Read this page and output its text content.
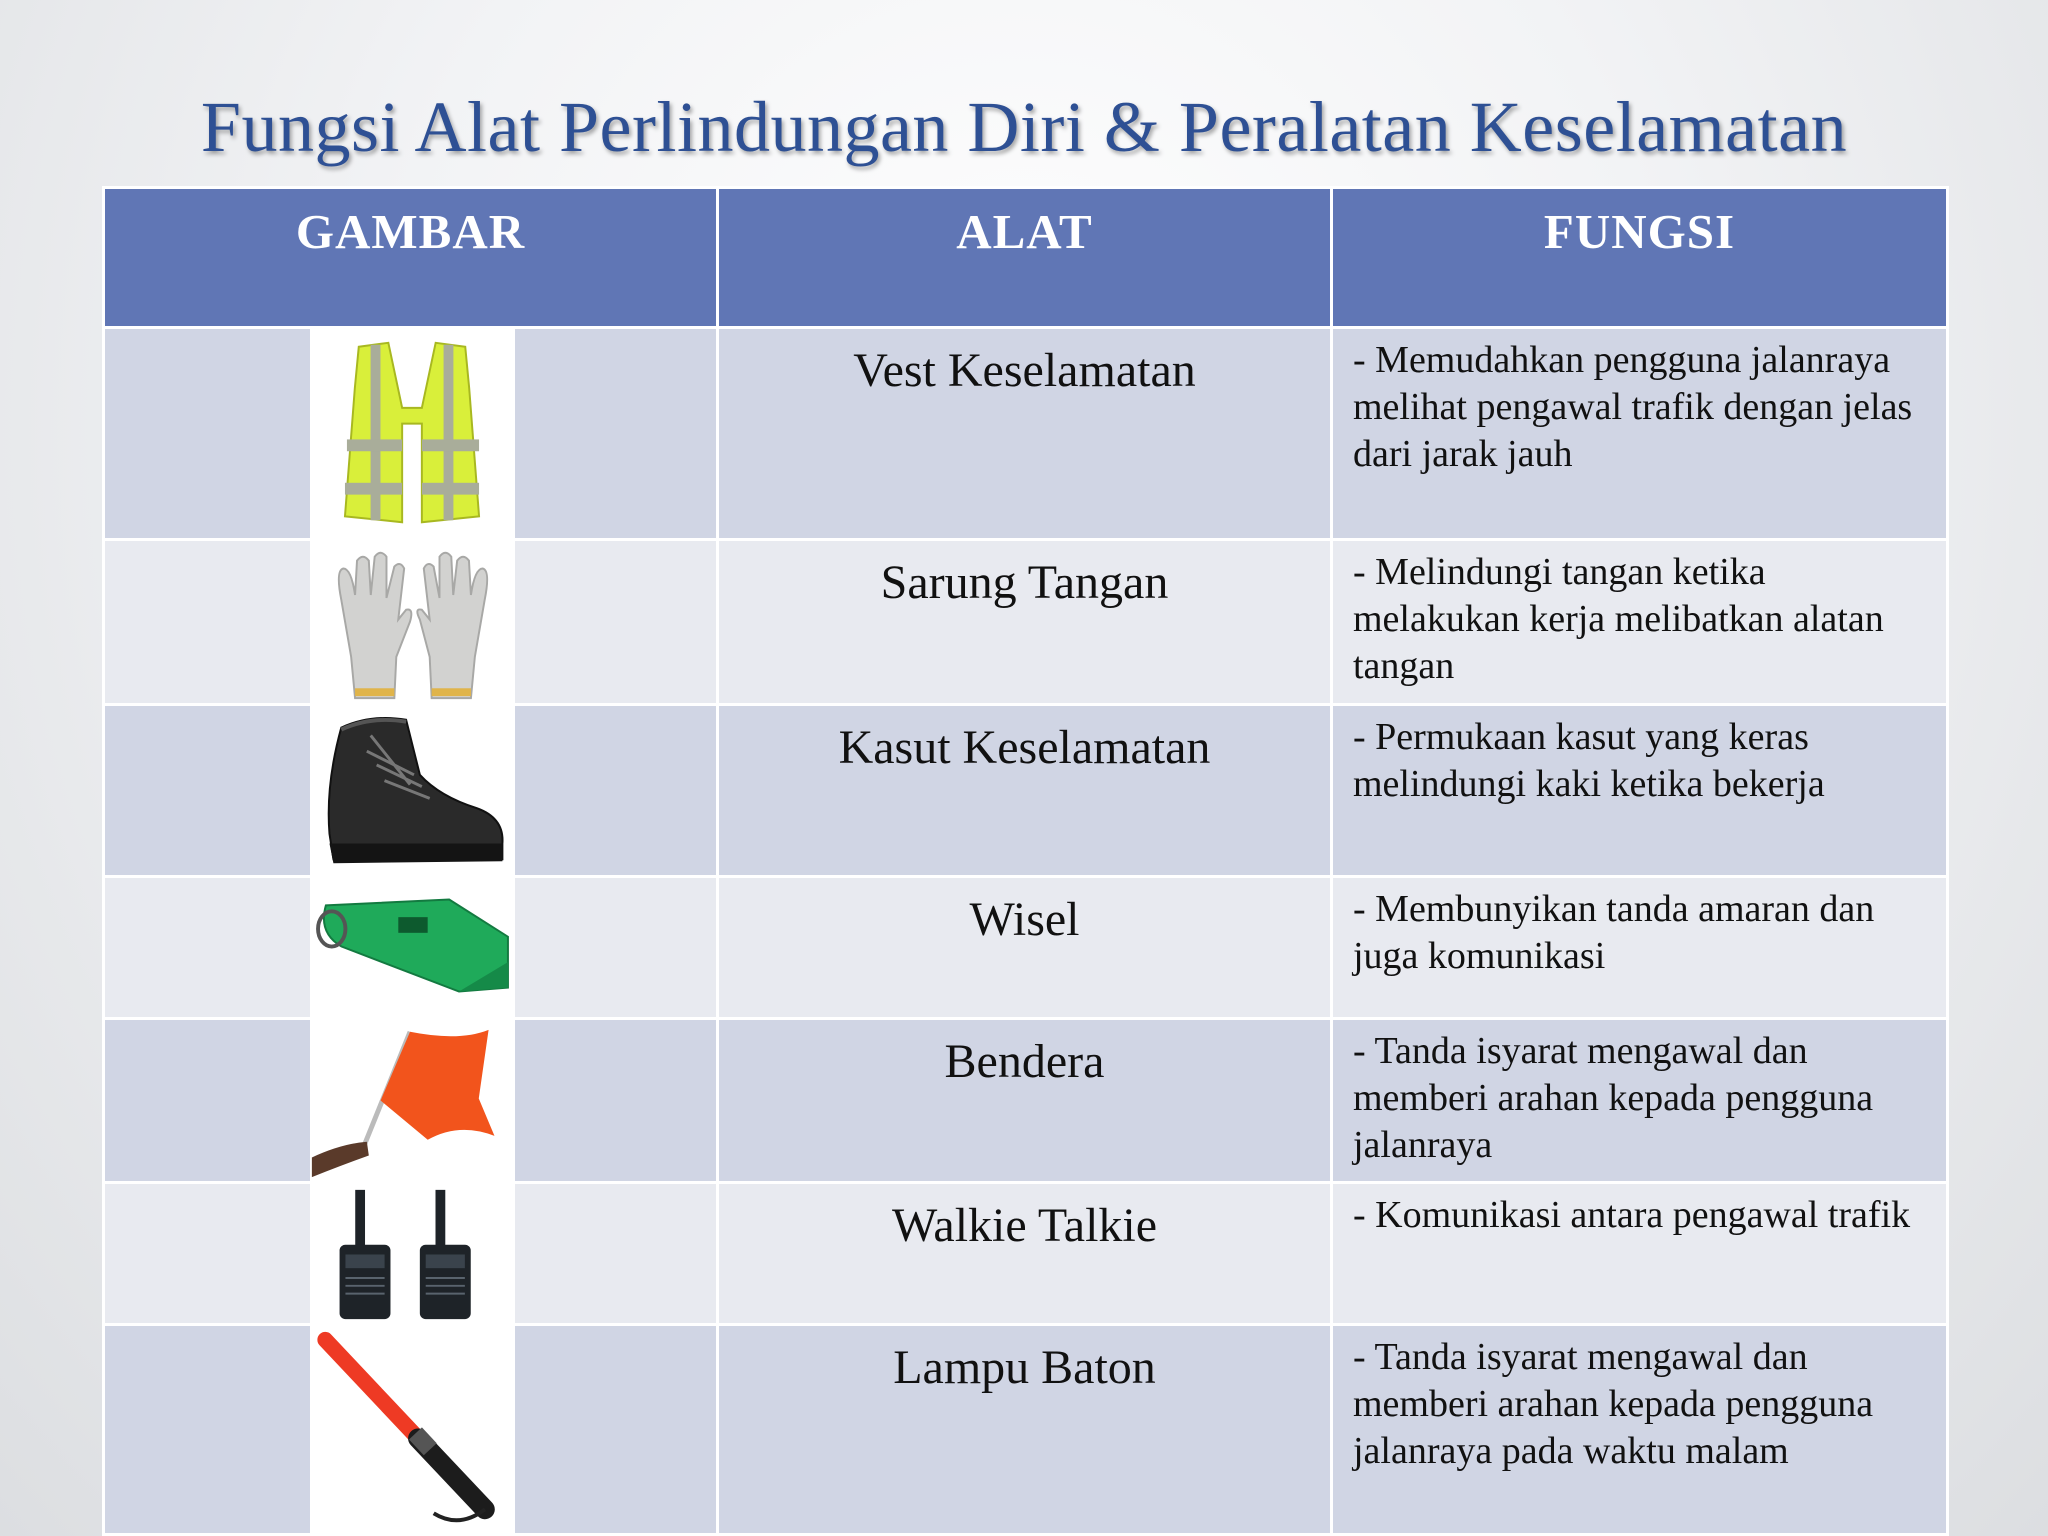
Fungsi Alat Perlindungan Diri & Peralatan Keselamatan
GAMBAR	ALAT	FUNGSI

	Vest Keselamatan	- Memudahkan pengguna jalanraya melihat pengawal trafik dengan jelas dari jarak jauh

	Sarung Tangan	- Melindungi tangan ketika melakukan kerja melibatkan alatan tangan

	Kasut Keselamatan	- Permukaan kasut yang keras melindungi kaki ketika bekerja

	Wisel	- Membunyikan tanda amaran dan juga komunikasi

	Bendera	- Tanda isyarat mengawal dan memberi arahan kepada pengguna jalanraya

	Walkie Talkie	- Komunikasi antara pengawal trafik

	Lampu Baton	- Tanda isyarat mengawal dan memberi arahan kepada pengguna jalanraya pada waktu malam
